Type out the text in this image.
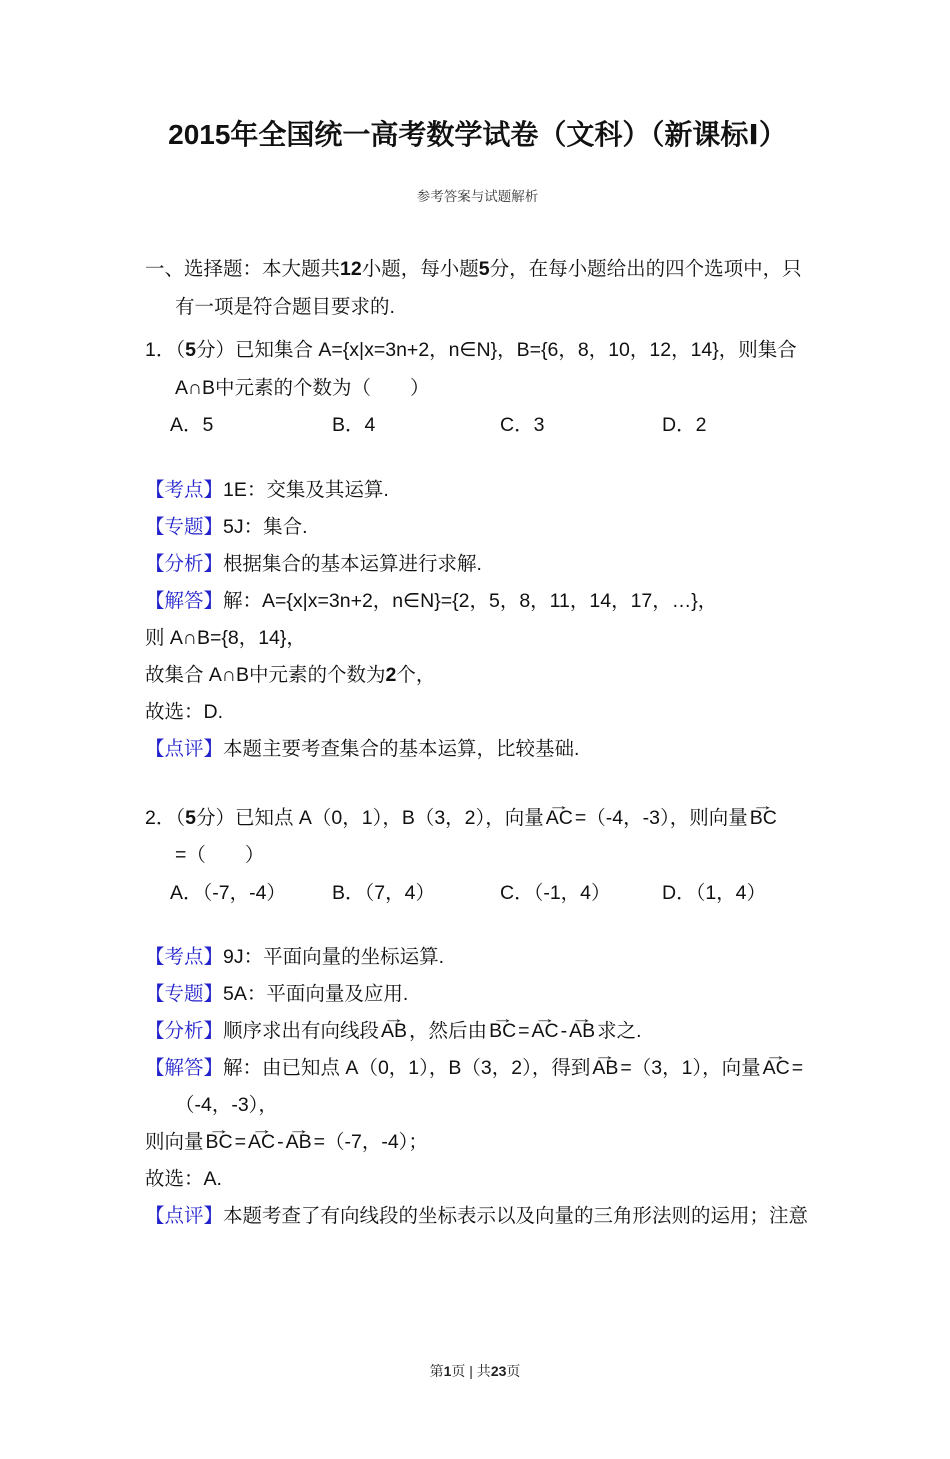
2015年全国统一高考数学试卷（文科）（新课标Ⅰ）
参考答案与试题解析
一、选择题：本大题共12小题，每小题5分，在每小题给出的四个选项中，只
有一项是符合题目要求的.
1．（5分）已知集合 A={x|x=3n+2，n∈N}，B={6，8，10，12，14}，则集合
A∩B中元素的个数为（　　）
A．5	B．4	C．3	D．2
【考点】1E：交集及其运算.
【专题】5J：集合.
【分析】根据集合的基本运算进行求解.
【解答】解：A={x|x=3n+2，n∈N}={2，5，8，11，14，17，…}，
则 A∩B={8，14}，
故集合 A∩B中元素的个数为2个，
故选：D.
【点评】本题主要考查集合的基本运算，比较基础.
2．（5分）已知点 A（0，1），B（3，2），向量 AC → =（-4，-3），则向量 BC →
=（　　）
A．（-7，-4） B．（7，4）	C．（-1，4）	D．（1，4）
【考点】9J：平面向量的坐标运算.
【专题】5A：平面向量及应用.
【分析】顺序求出有向线段 AB → ，然后由 BC → = AC → - AB → 求之.
【解答】解：由已知点 A（0，1），B（3，2），得到 AB → =（3，1），向量 AC → =
（-4，-3），
则向量 BC → = AC → - AB → =（-7，-4）；
故选：A.
【点评】本题考查了有向线段的坐标表示以及向量的三角形法则的运用；注意
第1页 | 共23页
